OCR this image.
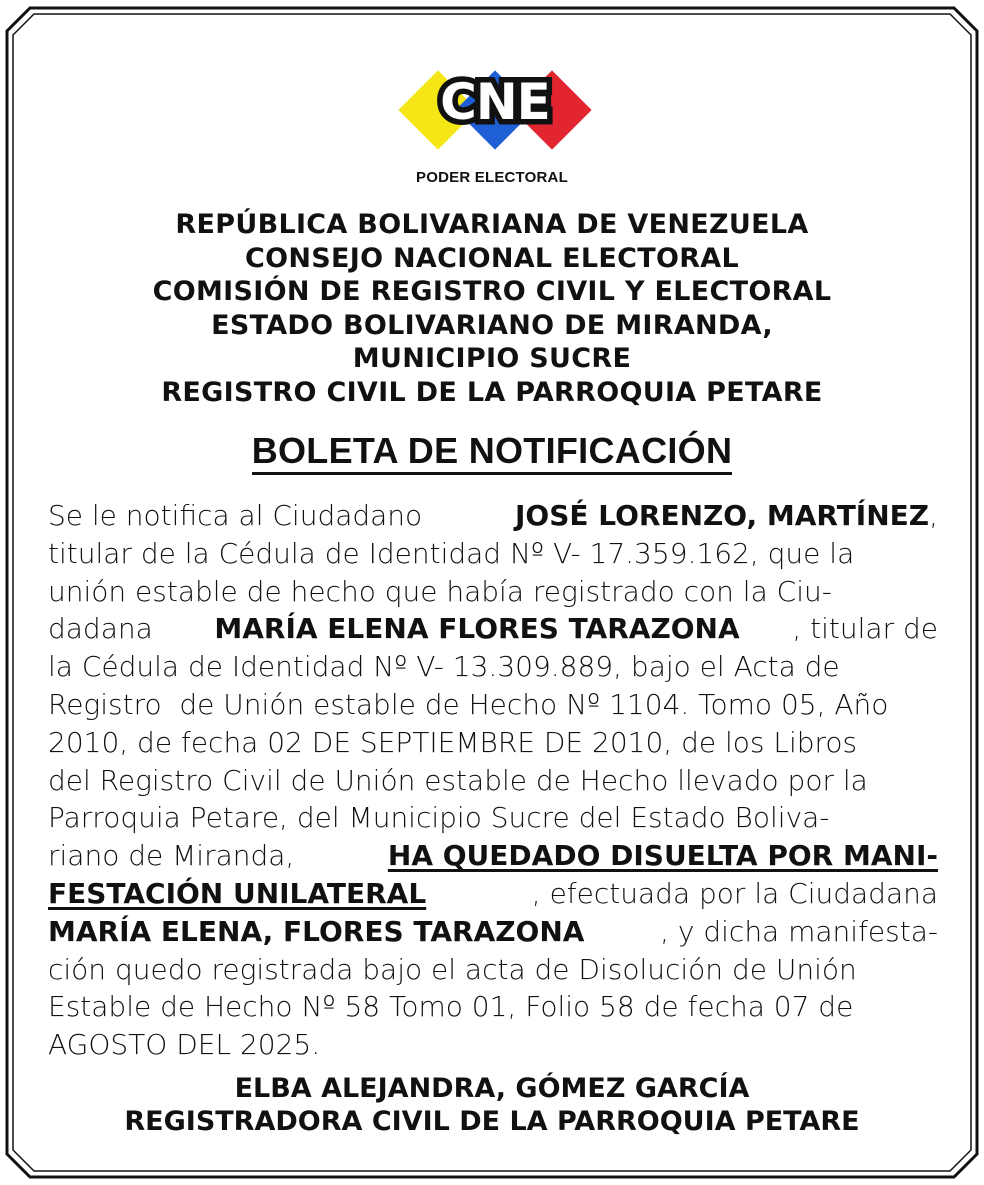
CNE
PODER ELECTORAL
REPÚBLICA BOLIVARIANA DE VENEZUELA
CONSEJO NACIONAL ELECTORAL
COMISIÓN DE REGISTRO CIVIL Y ELECTORAL
ESTADO BOLIVARIANO DE MIRANDA,
MUNICIPIO SUCRE
REGISTRO CIVIL DE LA PARROQUIA PETARE
BOLETA DE NOTIFICACIÓN
Se le notifica al Ciudadano	JOSÉ LORENZO, MARTÍNEZ,
titular de la Cédula de Identidad Nº V- 17.359.162, que la
unión estable de hecho que había registrado con la Ciu-
dadana MARÍA ELENA FLORES TARAZONA , titular de
la Cédula de Identidad Nº V- 13.309.889, bajo el Acta de
Registro  de Unión estable de Hecho Nº 1104. Tomo 05, Año
2010, de fecha 02 DE SEPTIEMBRE DE 2010, de los Libros
del Registro Civil de Unión estable de Hecho llevado por la
Parroquia Petare, del Municipio Sucre del Estado Boliva-
riano de Miranda,	HA QUEDADO DISUELTA POR MANI-
FESTACIÓN UNILATERAL	, efectuada por la Ciudadana
MARÍA ELENA, FLORES TARAZONA	, y dicha manifesta-
ción quedo registrada bajo el acta de Disolución de Unión
Estable de Hecho Nº 58 Tomo 01, Folio 58 de fecha 07 de
AGOSTO DEL 2025.
ELBA ALEJANDRA, GÓMEZ GARCÍA
REGISTRADORA CIVIL DE LA PARROQUIA PETARE
